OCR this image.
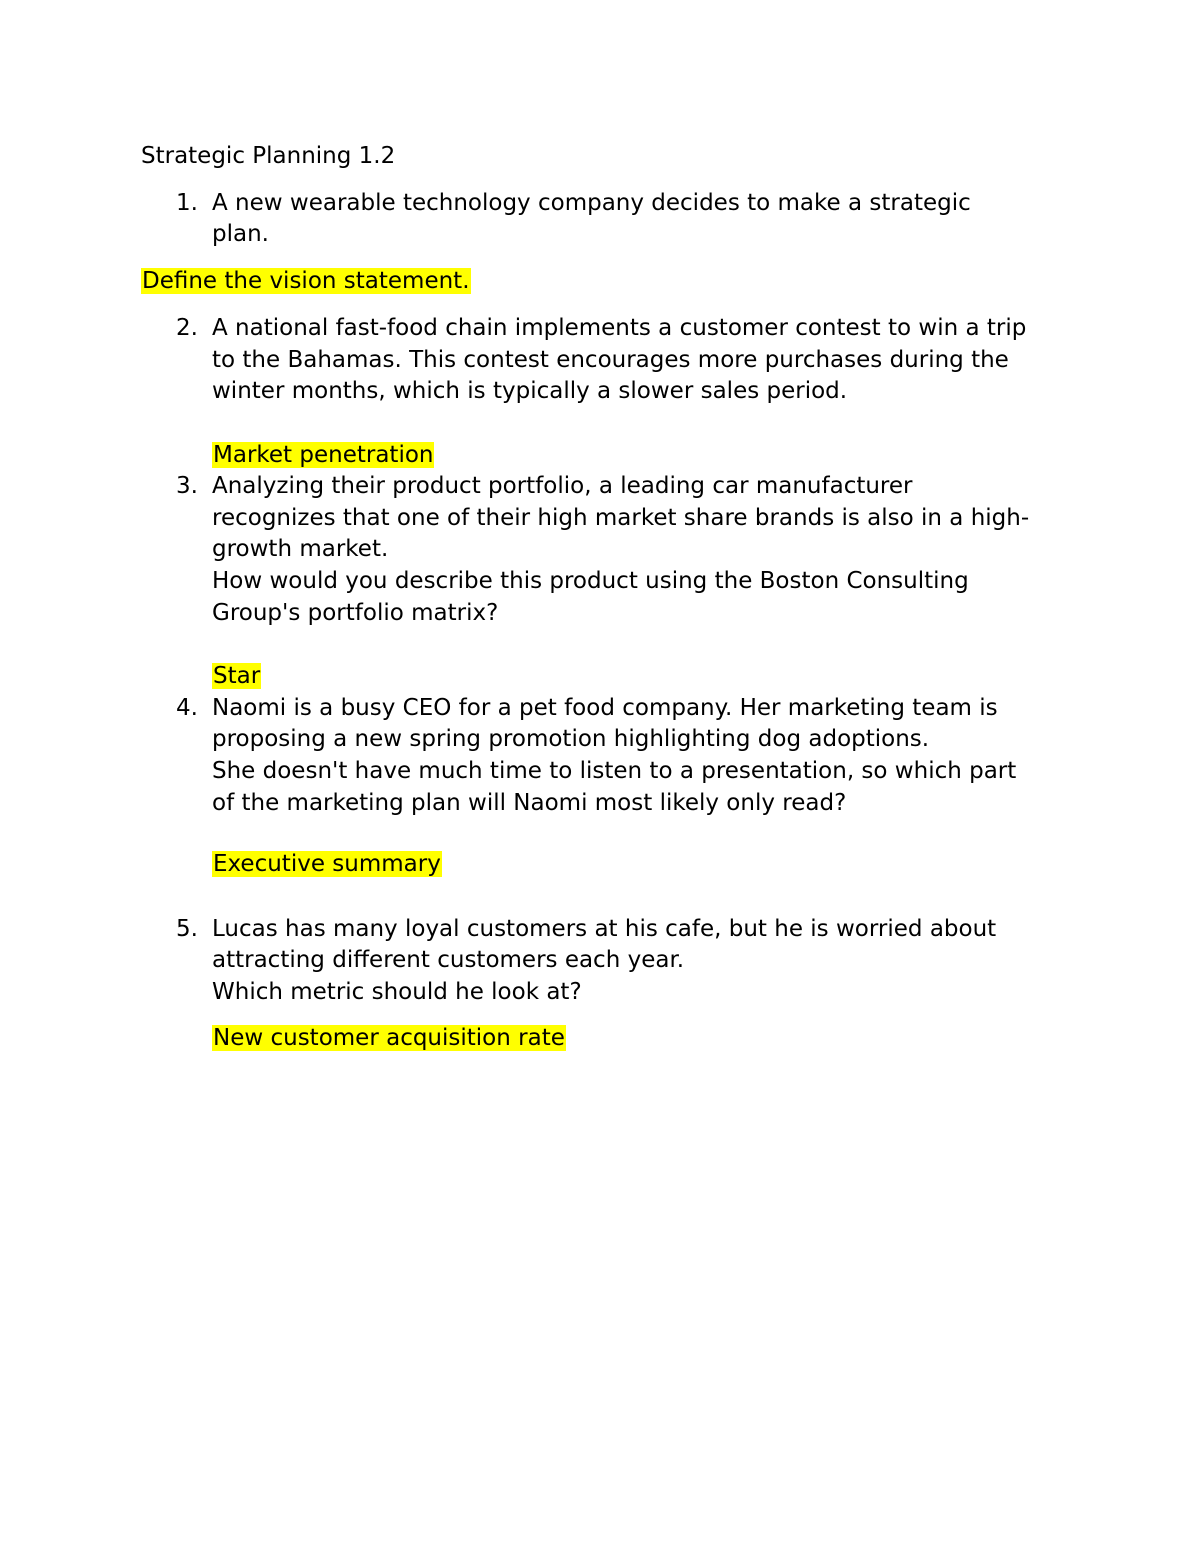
Strategic Planning 1.2
1. A new wearable technology company decides to make a strategic
plan.
Define the vision statement.
2. A national fast-food chain implements a customer contest to win a trip
to the Bahamas. This contest encourages more purchases during the
winter months, which is typically a slower sales period.
Market penetration
3. Analyzing their product portfolio, a leading car manufacturer
recognizes that one of their high market share brands is also in a high-
growth market.
How would you describe this product using the Boston Consulting
Group's portfolio matrix?
Star
4. Naomi is a busy CEO for a pet food company. Her marketing team is
proposing a new spring promotion highlighting dog adoptions.
She doesn't have much time to listen to a presentation, so which part
of the marketing plan will Naomi most likely only read?
Executive summary
5. Lucas has many loyal customers at his cafe, but he is worried about
attracting different customers each year.
Which metric should he look at?
New customer acquisition rate
